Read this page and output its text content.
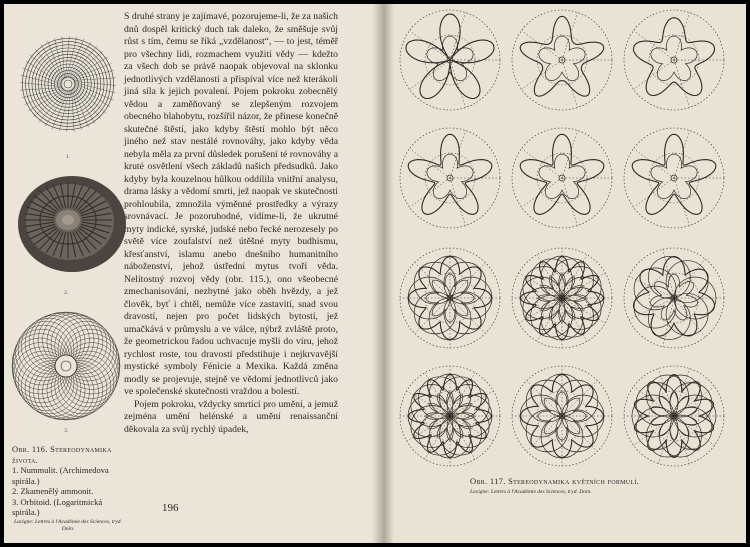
1.
2.
3.
Obr. 116. Stereodynamika života.
1. Nummulit. (Archimedova spirála.)
2. Zkamenělý ammonit.
3. Orbitoid. (Logaritmická spirála.)
Lavigne: Lettres à l'Académie des Sciences, tryd. Doin.

S druhé strany je zajímavé, pozorujeme-li, že za našich dnů dospěl kritický duch tak daleko, že směšuje svůj růst s tím, čemu se říká „vzdělanost“, — to jest, téměř pro všechny lidi, rozmachem využití vědy — kdežto za všech dob se právě naopak objevoval na sklonku jednotlivých vzdělaností a přispíval více než kterákoli jiná síla k jejich povalení. Pojem pokroku zobecnělý vědou a zaměňovaný se zlepšeným rozvojem obecného blahobytu, rozšířil názor, že přinese konečně skutečné štěstí, jako kdyby štěstí mohlo být něco jiného než stav nestálé rovnováhy, jako kdyby věda nebyla měla za první důsledek porušení té rovnováhy a kruté osvětlení všech základů našich předsudků. Jako kdyby byla kouzelnou hůlkou oddílila vnitřní analysu, drama lásky a vědomí smrti, jež naopak ve skutečnosti prohloubila, zmnožila výměnné prostředky a výrazy srovnávací. Je pozoruhodné, vidíme-li, že ukrutné myty indické, syrské, judské nebo řecké nerozesely po světě více zoufalství než útěšné myty budhismu, křesťanství, islamu anebo dnešního humanitního náboženství, jehož ústřední mytus tvoří věda. Nelítostný rozvoj vědy (obr. 115.), ono všeobecné zmechanisování, nezbytné jako oběh hvězdy, a jež člověk, byť i chtěl, nemůže více zastavití, snad svou dravostí, nejen pro počet lidských bytostí, jež umačkává v průmyslu a ve válce, nýbrž zvláště proto, že geometrickou řadou uchvacuje myšli do víru, jehož rychlost roste, tou dravostí předstihuje i nejkrvavější mystické symboly Fénicie a Mexika. Každá změna modly se projevuje, stejně ve vědomí jednotlivců jako ve společenské skutečnosti vraždou a bolestí.

Pojem pokroku, vždycky smrtící pro umění, a jemuž zejména umění helénské a umění renaissanční děkovala za svůj rychlý úpadek,

196
Obr. 117. Stereodynamika květních formulí.
Lavigne: Lettres à l'Académie des Sciences, tryd. Doin.
